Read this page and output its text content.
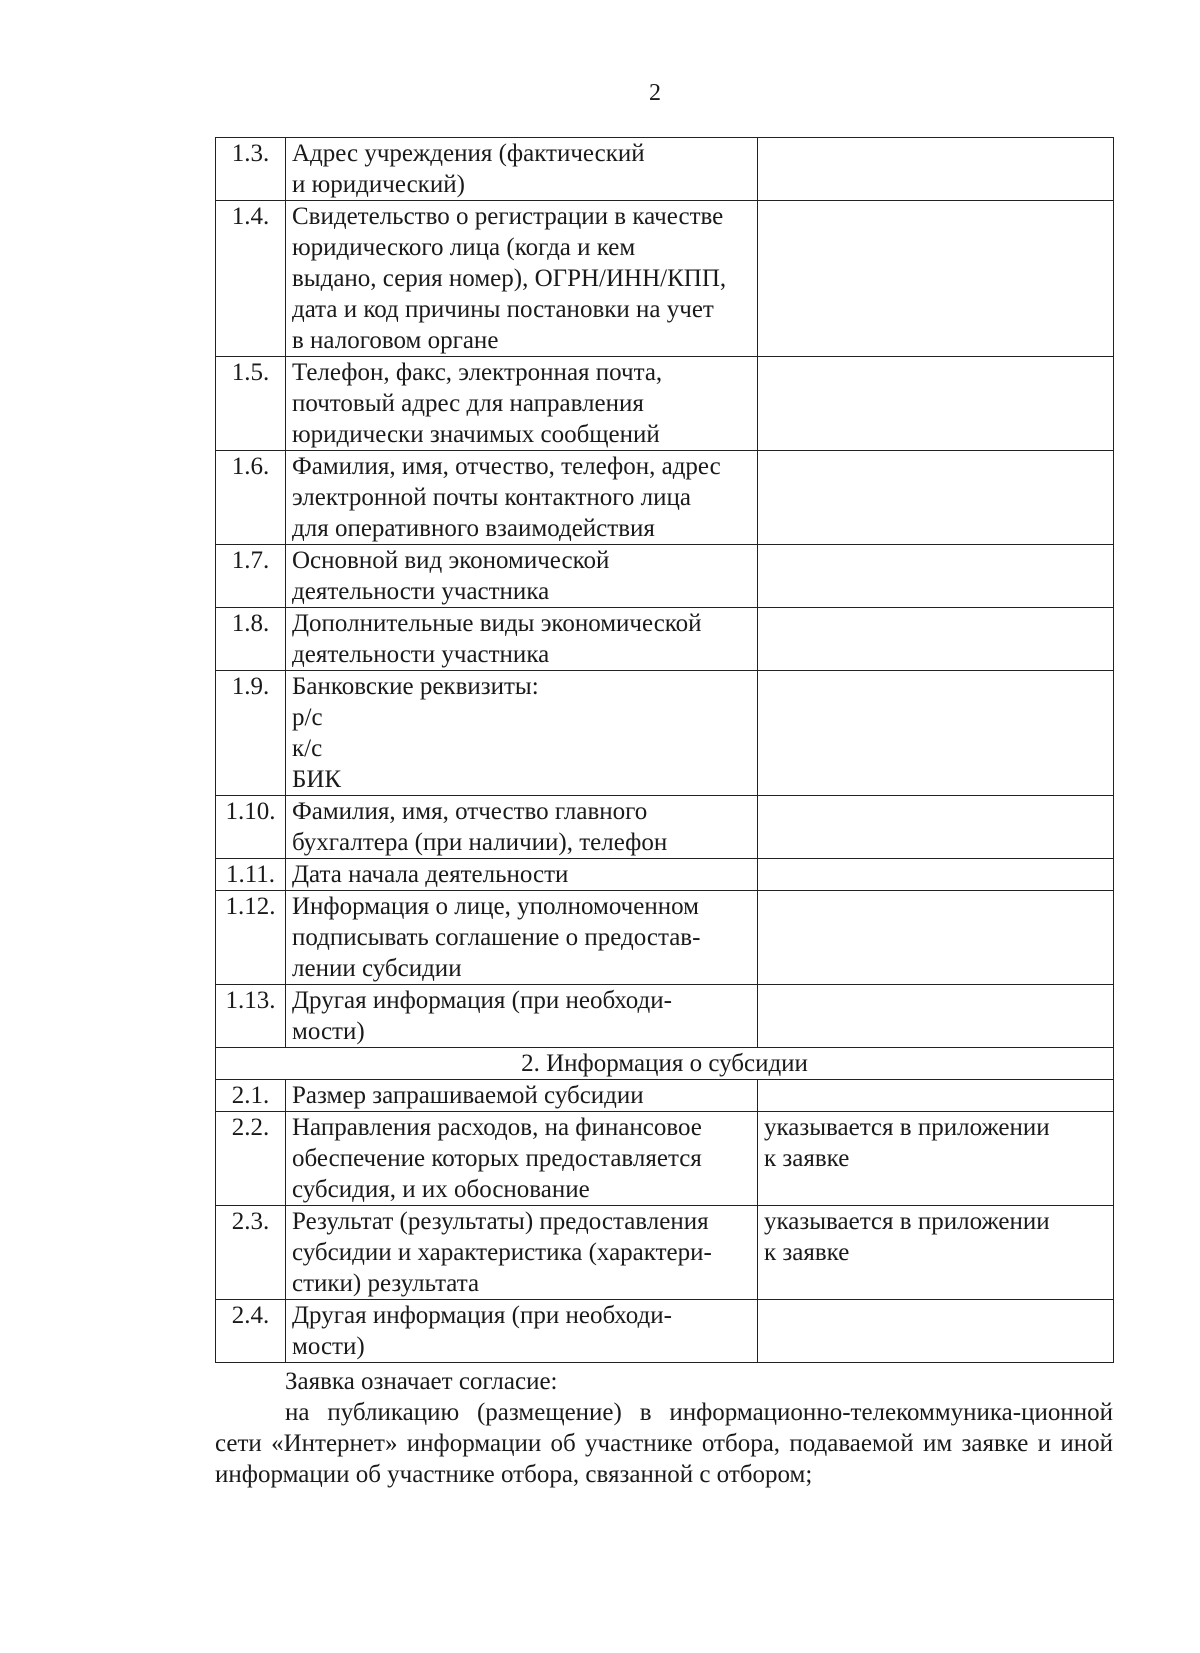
2
1.3.	Адрес учреждения (фактический
и юридический)	
1.4.	Свидетельство о регистрации в качестве
юридического лица (когда и кем
выдано, серия номер), ОГРН/ИНН/КПП,
дата и код причины постановки на учет
в налоговом органе	
1.5.	Телефон, факс, электронная почта,
почтовый адрес для направления
юридически значимых сообщений	
1.6.	Фамилия, имя, отчество, телефон, адрес
электронной почты контактного лица
для оперативного взаимодействия	
1.7.	Основной вид экономической
деятельности участника	
1.8.	Дополнительные виды экономической
деятельности участника	
1.9.	Банковские реквизиты:
р/с
к/с
БИК	
1.10.	Фамилия, имя, отчество главного
бухгалтера (при наличии), телефон	
1.11.	Дата начала деятельности	
1.12.	Информация о лице, уполномоченном
подписывать соглашение о предостав-
лении субсидии	
1.13.	Другая информация (при необходи-
мости)	
2. Информация о субсидии		
2.1.	Размер запрашиваемой субсидии	
2.2.	Направления расходов, на финансовое
обеспечение которых предоставляется
субсидия, и их обоснование	указывается в приложении
к заявке
2.3.	Результат (результаты) предоставления
субсидии и характеристика (характери-
стики) результата	указывается в приложении
к заявке
2.4.	Другая информация (при необходи-
мости)	

Заявка означает согласие:

на публикацию (размещение) в информационно-телекоммуника-ционной сети «Интернет» информации об участнике отбора, подаваемой им заявке и иной информации об участнике отбора, связанной с отбором;
